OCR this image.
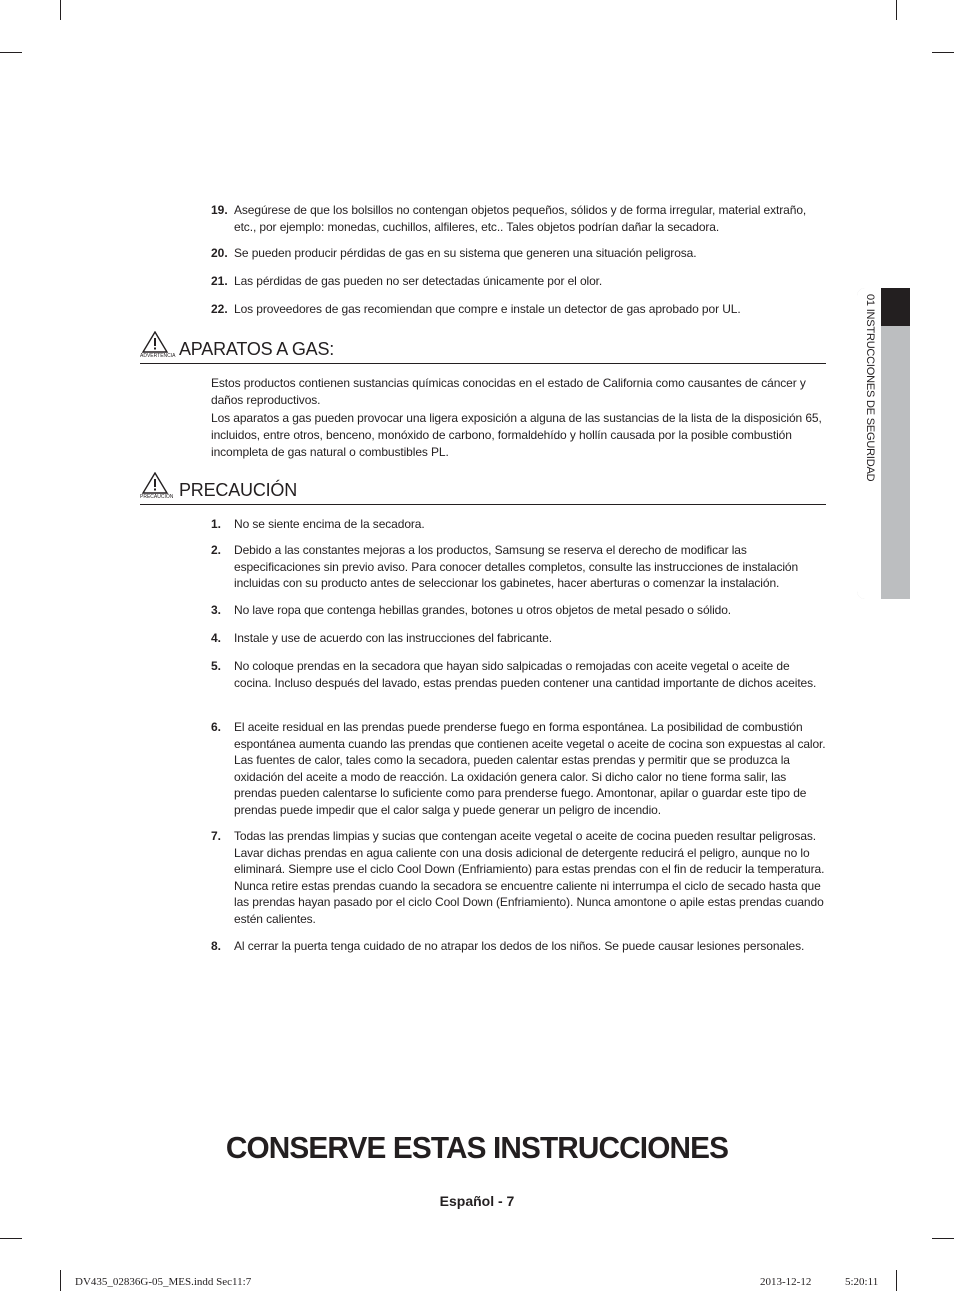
19. Asegúrese de que los bolsillos no contengan objetos pequeños, sólidos y de forma irregular, material extraño, etc., por ejemplo: monedas, cuchillos, alfileres, etc.. Tales objetos podrían dañar la secadora.
20. Se pueden producir pérdidas de gas en su sistema que generen una situación peligrosa.
21. Las pérdidas de gas pueden no ser detectadas únicamente por el olor.
22. Los proveedores de gas recomiendan que compre e instale un detector de gas aprobado por UL.
ADVERTENCIA APARATOS A GAS:

Estos productos contienen sustancias químicas conocidas en el estado de California como causantes de cáncer y daños reproductivos.

Los aparatos a gas pueden provocar una ligera exposición a alguna de las sustancias de la lista de la disposición 65, incluidos, entre otros, benceno, monóxido de carbono, formaldehído y hollín causada por la posible combustión incompleta de gas natural o combustibles PL.

PRECAUCIÓN PRECAUCIÓN
1. No se siente encima de la secadora.
2. Debido a las constantes mejoras a los productos, Samsung se reserva el derecho de modificar las especificaciones sin previo aviso. Para conocer detalles completos, consulte las instrucciones de instalación incluidas con su producto antes de seleccionar los gabinetes, hacer aberturas o comenzar la instalación.
3. No lave ropa que contenga hebillas grandes, botones u otros objetos de metal pesado o sólido.
4. Instale y use de acuerdo con las instrucciones del fabricante.
5. No coloque prendas en la secadora que hayan sido salpicadas o remojadas con aceite vegetal o aceite de cocina. Incluso después del lavado, estas prendas pueden contener una cantidad importante de dichos aceites.
6. El aceite residual en las prendas puede prenderse fuego en forma espontánea. La posibilidad de combustión espontánea aumenta cuando las prendas que contienen aceite vegetal o aceite de cocina son expuestas al calor. Las fuentes de calor, tales como la secadora, pueden calentar estas prendas y permitir que se produzca la oxidación del aceite a modo de reacción. La oxidación genera calor. Si dicho calor no tiene forma salir, las prendas pueden calentarse lo suficiente como para prenderse fuego. Amontonar, apilar o guardar este tipo de prendas puede impedir que el calor salga y puede generar un peligro de incendio.
7. Todas las prendas limpias y sucias que contengan aceite vegetal o aceite de cocina pueden resultar peligrosas. Lavar dichas prendas en agua caliente con una dosis adicional de detergente reducirá el peligro, aunque no lo eliminará. Siempre use el ciclo Cool Down (Enfriamiento) para estas prendas con el fin de reducir la temperatura. Nunca retire estas prendas cuando la secadora se encuentre caliente ni interrumpa el ciclo de secado hasta que las prendas hayan pasado por el ciclo Cool Down (Enfriamiento). Nunca amontone o apile estas prendas cuando estén calientes.
8. Al cerrar la puerta tenga cuidado de no atrapar los dedos de los niños. Se puede causar lesiones personales.
01 INSTRUCCIONES DE SEGURIDAD
CONSERVE ESTAS INSTRUCCIONES
Español - 7
DV435_02836G-05_MES.indd Sec11:7	2013-12-12	5:20:11
